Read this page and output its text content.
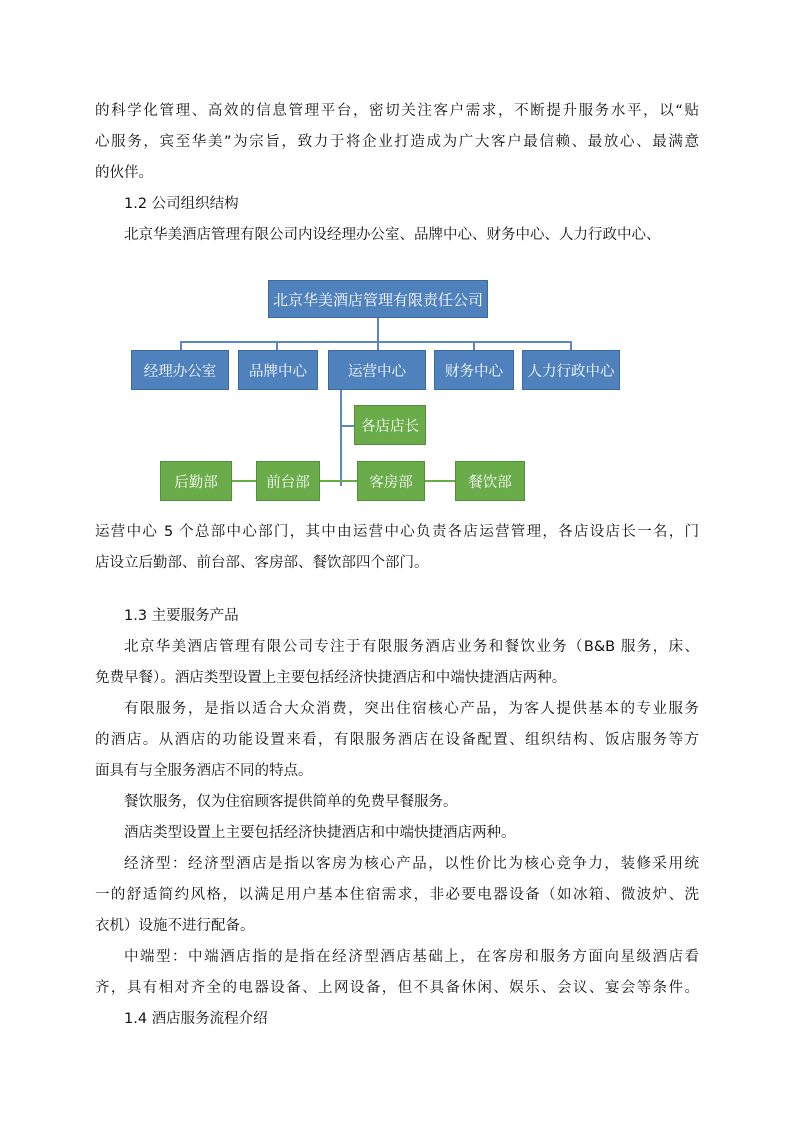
的科学化管理、高效的信息管理平台，密切关注客户需求，不断提升服务水平，以“贴
心服务，宾至华美”为宗旨，致力于将企业打造成为广大客户最信赖、最放心、最满意
的伙伴。
1.2 公司组织结构
北京华美酒店管理有限公司内设经理办公室、品牌中心、财务中心、人力行政中心、
北京华美酒店管理有限责任公司
经理办公室	品牌中心	运营中心	财务中心	人力行政中心
各店店长
后勤部	前台部	客房部	餐饮部
运营中心 5 个总部中心部门，其中由运营中心负责各店运营管理，各店设店长一名，门
店设立后勤部、前台部、客房部、餐饮部四个部门。
1.3 主要服务产品
北京华美酒店管理有限公司专注于有限服务酒店业务和餐饮业务（B&B 服务，床、
免费早餐）。酒店类型设置上主要包括经济快捷酒店和中端快捷酒店两种。
有限服务，是指以适合大众消费，突出住宿核心产品，为客人提供基本的专业服务
的酒店。从酒店的功能设置来看，有限服务酒店在设备配置、组织结构、饭店服务等方
面具有与全服务酒店不同的特点。
餐饮服务，仅为住宿顾客提供简单的免费早餐服务。
酒店类型设置上主要包括经济快捷酒店和中端快捷酒店两种。
经济型：经济型酒店是指以客房为核心产品，以性价比为核心竞争力，装修采用统
一的舒适简约风格，以满足用户基本住宿需求，非必要电器设备（如冰箱、微波炉、洗
衣机）设施不进行配备。
中端型：中端酒店指的是指在经济型酒店基础上，在客房和服务方面向星级酒店看
齐，具有相对齐全的电器设备、上网设备，但不具备休闲、娱乐、会议、宴会等条件。
1.4 酒店服务流程介绍
